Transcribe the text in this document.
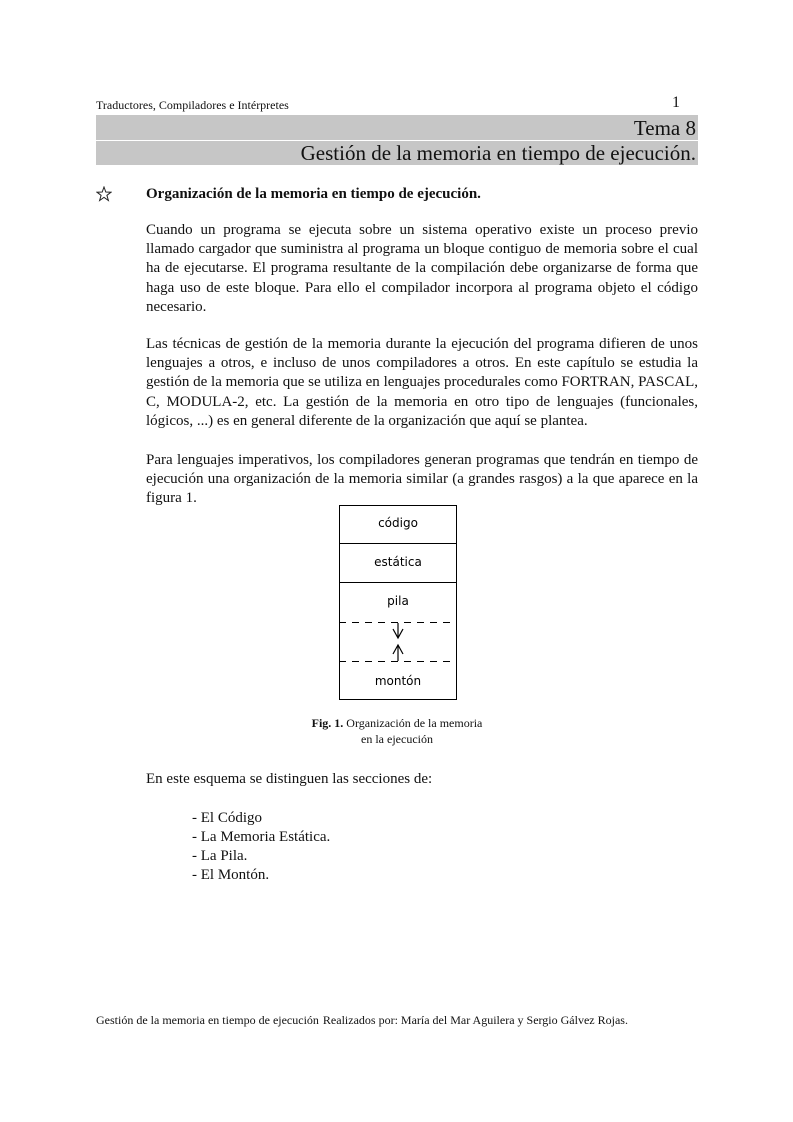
Traductores, Compiladores e Intérpretes	1
Tema 8
Gestión de la memoria en tiempo de ejecución.
Organización de la memoria en tiempo de ejecución.

Cuando un programa se ejecuta sobre un sistema operativo existe un proceso previo llamado cargador que suministra al programa un bloque contiguo de memoria sobre el cual ha de ejecutarse. El programa resultante de la compilación debe organizarse de forma que haga uso de este bloque. Para ello el compilador incorpora al programa objeto el código necesario.

Las técnicas de gestión de la memoria durante la ejecución del programa difieren de unos lenguajes a otros, e incluso de unos compiladores a otros. En este capítulo se estudia la gestión de la memoria que se utiliza en lenguajes procedurales como FORTRAN, PASCAL, C, MODULA-2, etc. La gestión de la memoria en otro tipo de lenguajes (funcionales, lógicos, ...) es en general diferente de la organización que aquí se plantea.

Para lenguajes imperativos, los compiladores generan programas que tendrán en tiempo de ejecución una organización de la memoria similar (a grandes rasgos) a la que aparece en la figura 1.

código
estática
pila
montón
Fig. 1. Organización de la memoria
en la ejecución
En este esquema se distinguen las secciones de:
- El Código
- La Memoria Estática.
- La Pila.
- El Montón.
Gestión de la memoria en tiempo de ejecución Realizados por: María del Mar Aguilera y Sergio Gálvez Rojas.
